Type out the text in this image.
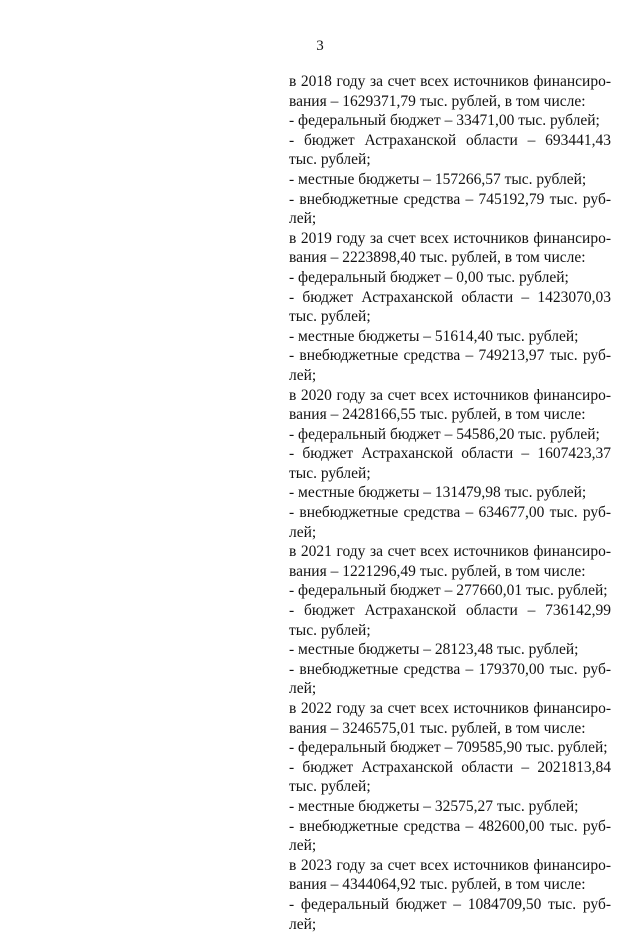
3
в 2018 году за счет всех источников финансиро-
вания – 1629371,79 тыс. рублей, в том числе:
- федеральный бюджет – 33471,00 тыс. рублей;
- бюджет Астраханской области – 693441,43
тыс. рублей;
- местные бюджеты – 157266,57 тыс. рублей;
- внебюджетные средства – 745192,79 тыс. руб-
лей;
в 2019 году за счет всех источников финансиро-
вания – 2223898,40 тыс. рублей, в том числе:
- федеральный бюджет – 0,00 тыс. рублей;
- бюджет Астраханской области – 1423070,03
тыс. рублей;
- местные бюджеты – 51614,40 тыс. рублей;
- внебюджетные средства – 749213,97 тыс. руб-
лей;
в 2020 году за счет всех источников финансиро-
вания – 2428166,55 тыс. рублей, в том числе:
- федеральный бюджет – 54586,20 тыс. рублей;
- бюджет Астраханской области – 1607423,37
тыс. рублей;
- местные бюджеты – 131479,98 тыс. рублей;
- внебюджетные средства – 634677,00 тыс. руб-
лей;
в 2021 году за счет всех источников финансиро-
вания – 1221296,49 тыс. рублей, в том числе:
- федеральный бюджет – 277660,01 тыс. рублей;
- бюджет Астраханской области – 736142,99
тыс. рублей;
- местные бюджеты – 28123,48 тыс. рублей;
- внебюджетные средства – 179370,00 тыс. руб-
лей;
в 2022 году за счет всех источников финансиро-
вания – 3246575,01 тыс. рублей, в том числе:
- федеральный бюджет – 709585,90 тыс. рублей;
- бюджет Астраханской области – 2021813,84
тыс. рублей;
- местные бюджеты – 32575,27 тыс. рублей;
- внебюджетные средства – 482600,00 тыс. руб-
лей;
в 2023 году за счет всех источников финансиро-
вания – 4344064,92 тыс. рублей, в том числе:
- федеральный бюджет – 1084709,50 тыс. руб-
лей;
